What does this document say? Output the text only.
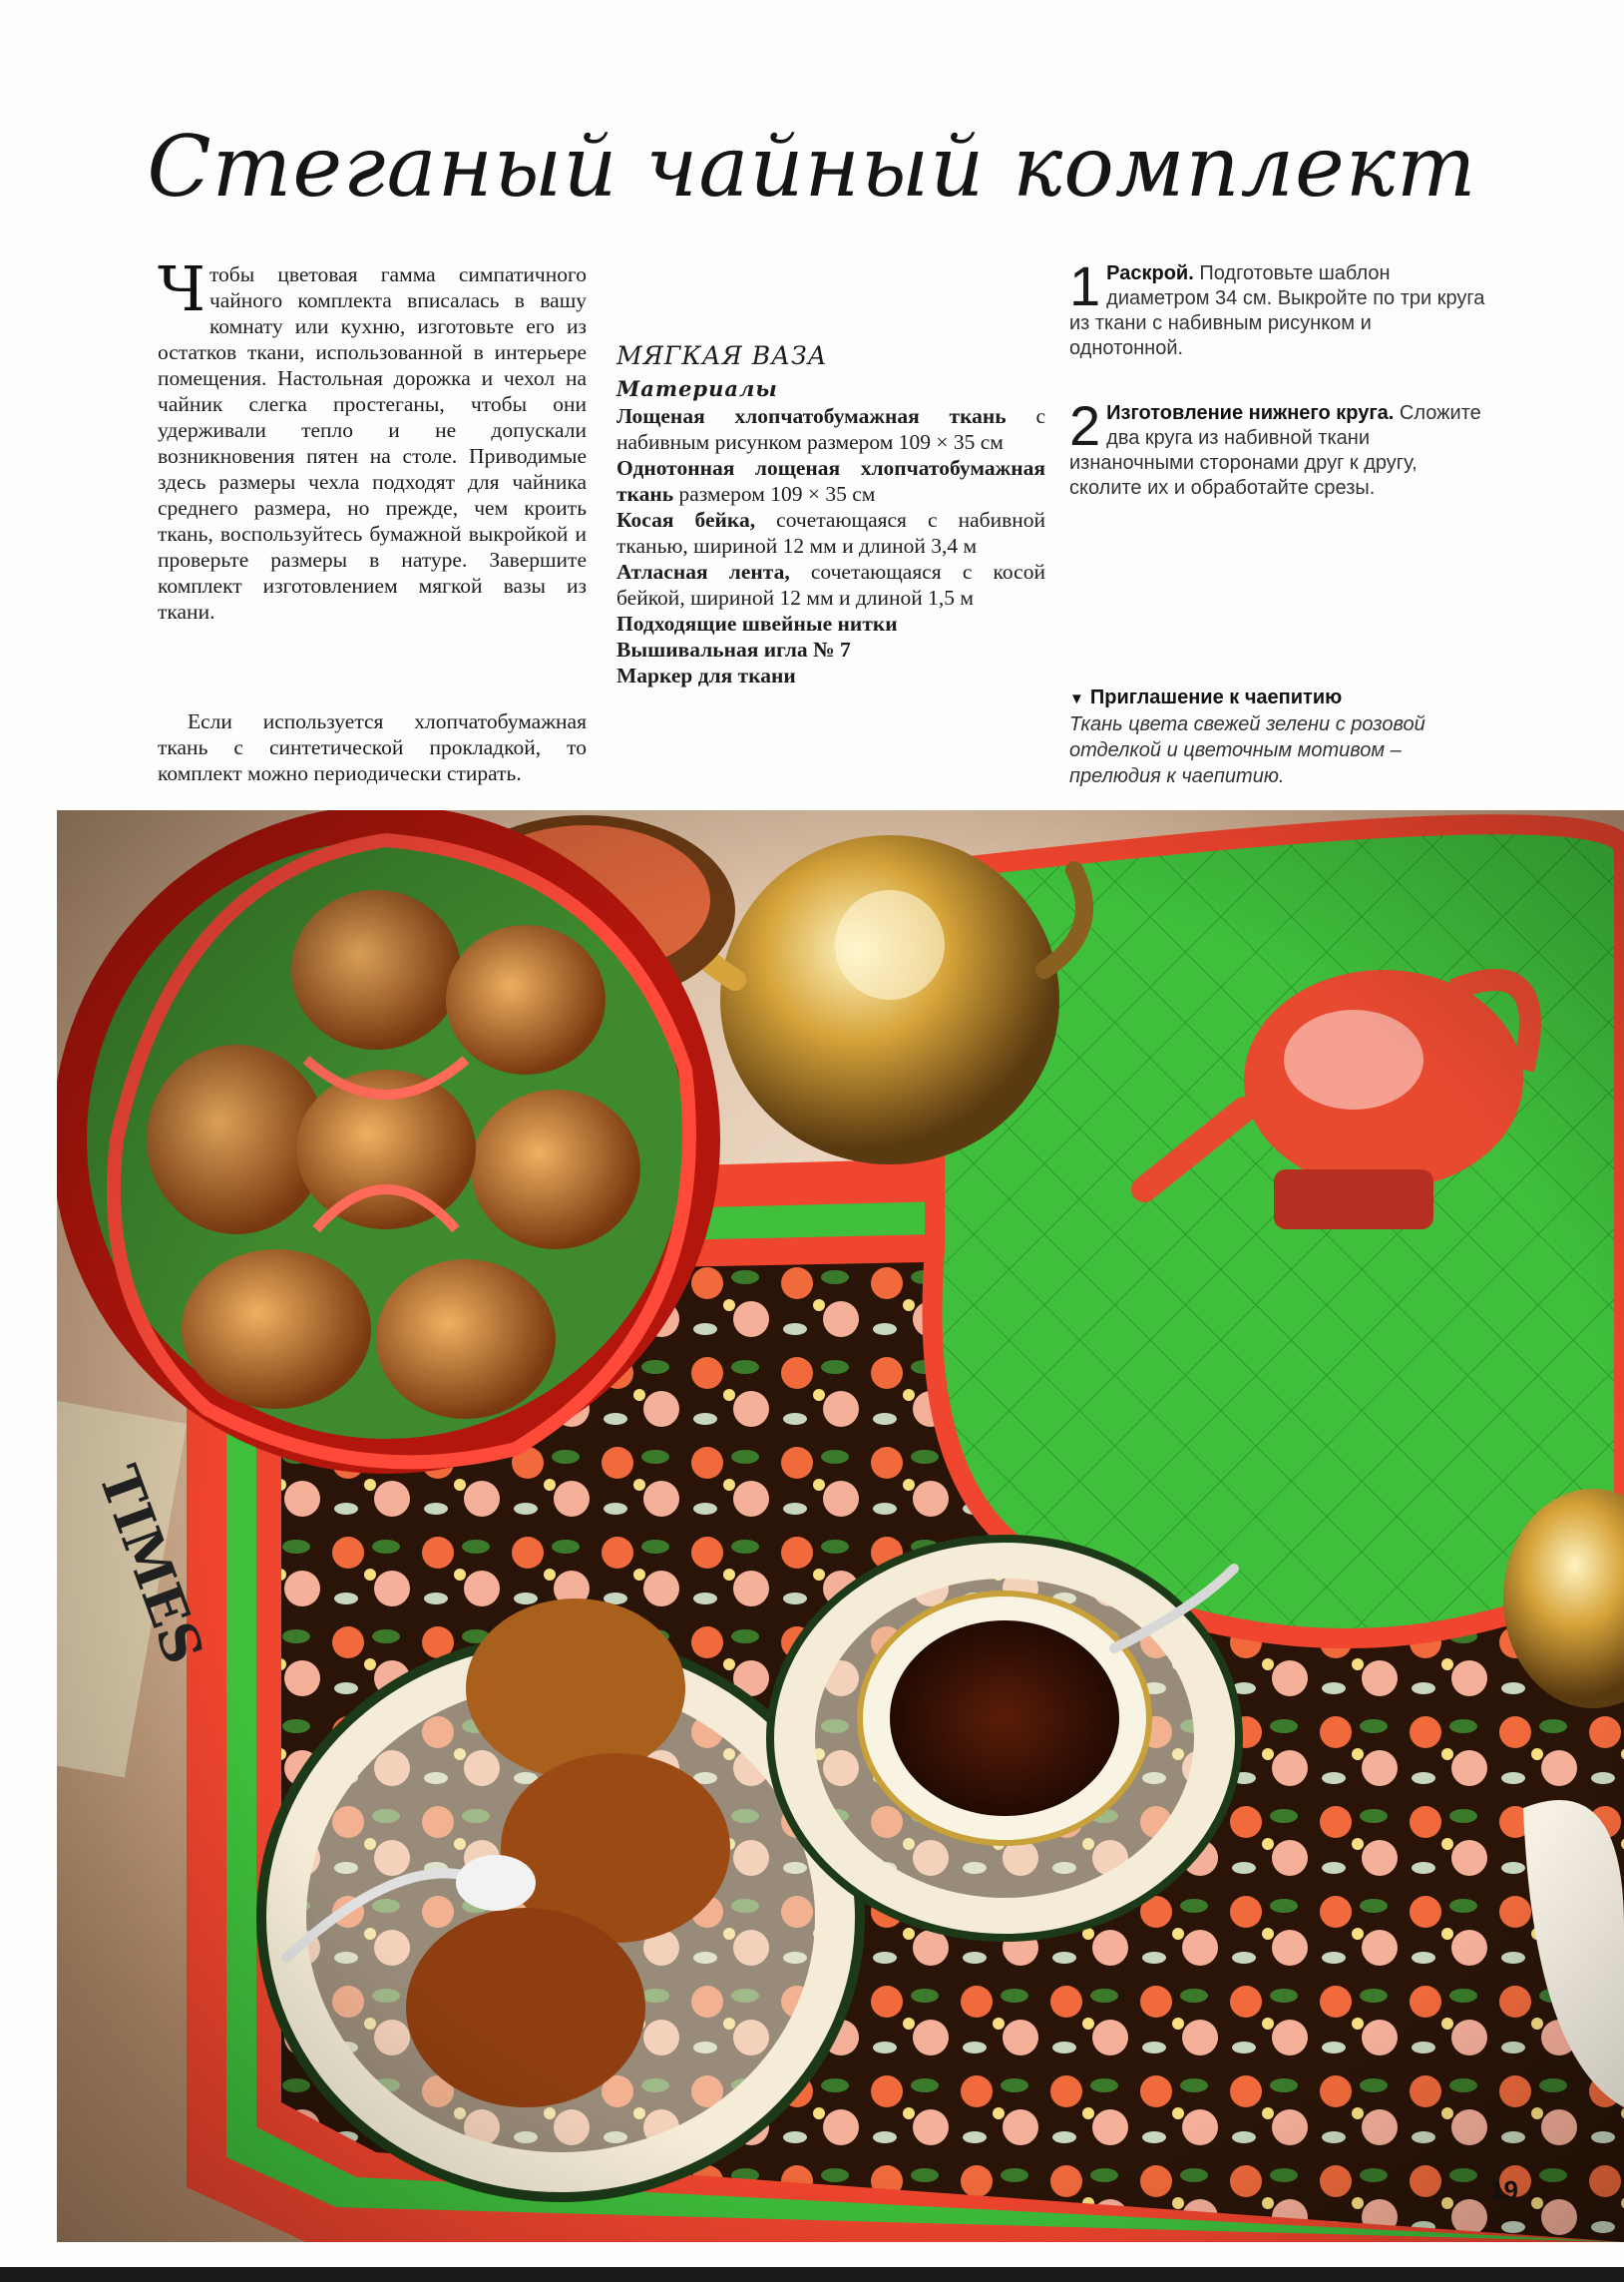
Стеганый чайный комплект

Чтобы цветовая гамма симпатичного чайного комплекта вписалась в вашу комнату или кухню, изготовьте его из остатков ткани, использованной в интерьере помещения. Настольная дорожка и чехол на чайник слегка простеганы, чтобы они удерживали тепло и не допускали возникновения пятен на столе. Приводимые здесь размеры чехла подходят для чайника среднего размера, но прежде, чем кроить ткань, воспользуйтесь бумажной выкройкой и проверьте размеры в натуре. Завершите комплект изготовлением мягкой вазы из ткани.

Если используется хлопчатобумажная ткань с синтетической прокладкой, то комплект можно периодически стирать.

МЯГКАЯ ВАЗА
Материалы

Лощеная хлопчатобумажная ткань с набивным рисунком размером 109 × 35 см

Однотонная лощеная хлопчатобумажная ткань размером 109 × 35 см

Косая бейка, сочетающаяся с набивной тканью, шириной 12 мм и длиной 3,4 м

Атласная лента, сочетающаяся с косой бейкой, шириной 12 мм и длиной 1,5 м

Подходящие швейные нитки

Вышивальная игла № 7

Маркер для ткани

1 Раскрой. Подготовьте шаблон диаметром 34 см. Выкройте по три круга из ткани с набивным рисунком и однотонной.

2 Изготовление нижнего круга. Сложите два круга из набивной ткани изнаночными сторонами друг к другу, сколите их и обработайте срезы.

▼ Приглашение к чаепитию

Ткань цвета свежей зелени с розовой отделкой и цветочным мотивом – прелюдия к чаепитию.

19
